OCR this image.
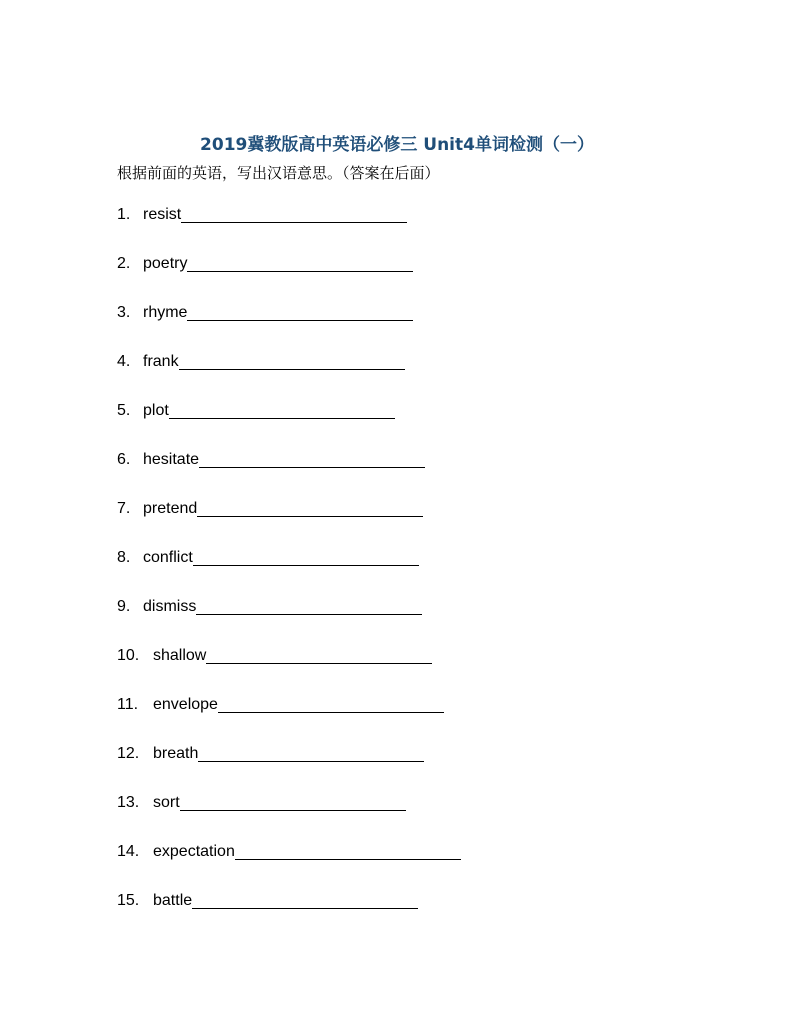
2019冀教版高中英语必修三 Unit4单词检测（一）
根据前面的英语，写出汉语意思。（答案在后面）
1. resist
2. poetry
3. rhyme
4. frank
5. plot
6. hesitate
7. pretend
8. conflict
9. dismiss
10. shallow
11. envelope
12. breath
13. sort
14. expectation
15. battle
